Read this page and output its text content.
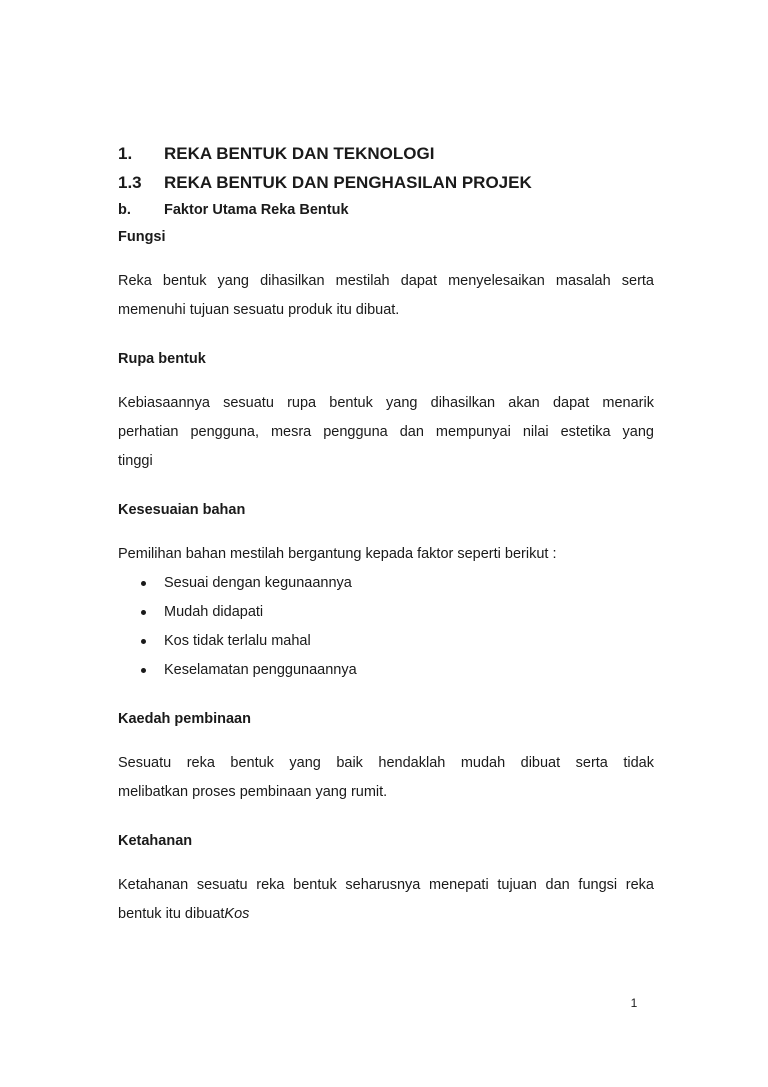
1.	REKA BENTUK DAN TEKNOLOGI
1.3	REKA BENTUK DAN PENGHASILAN PROJEK
b.	Faktor Utama Reka Bentuk
Fungsi

Reka bentuk yang dihasilkan mestilah dapat menyelesaikan masalah serta

memenuhi tujuan sesuatu produk itu dibuat.

Rupa bentuk

Kebiasaannya sesuatu rupa bentuk yang dihasilkan akan dapat menarik

perhatian pengguna, mesra pengguna dan mempunyai nilai estetika yang

tinggi

Kesesuaian bahan

Pemilihan bahan mestilah bergantung kepada faktor seperti berikut :

Sesuai dengan kegunaannya
Mudah didapati
Kos tidak terlalu mahal
Keselamatan penggunaannya
Kaedah pembinaan

Sesuatu reka bentuk yang baik hendaklah mudah dibuat serta tidak

melibatkan proses pembinaan yang rumit.

Ketahanan

Ketahanan sesuatu reka bentuk seharusnya menepati tujuan dan fungsi reka

bentuk itu dibuatKos

1
